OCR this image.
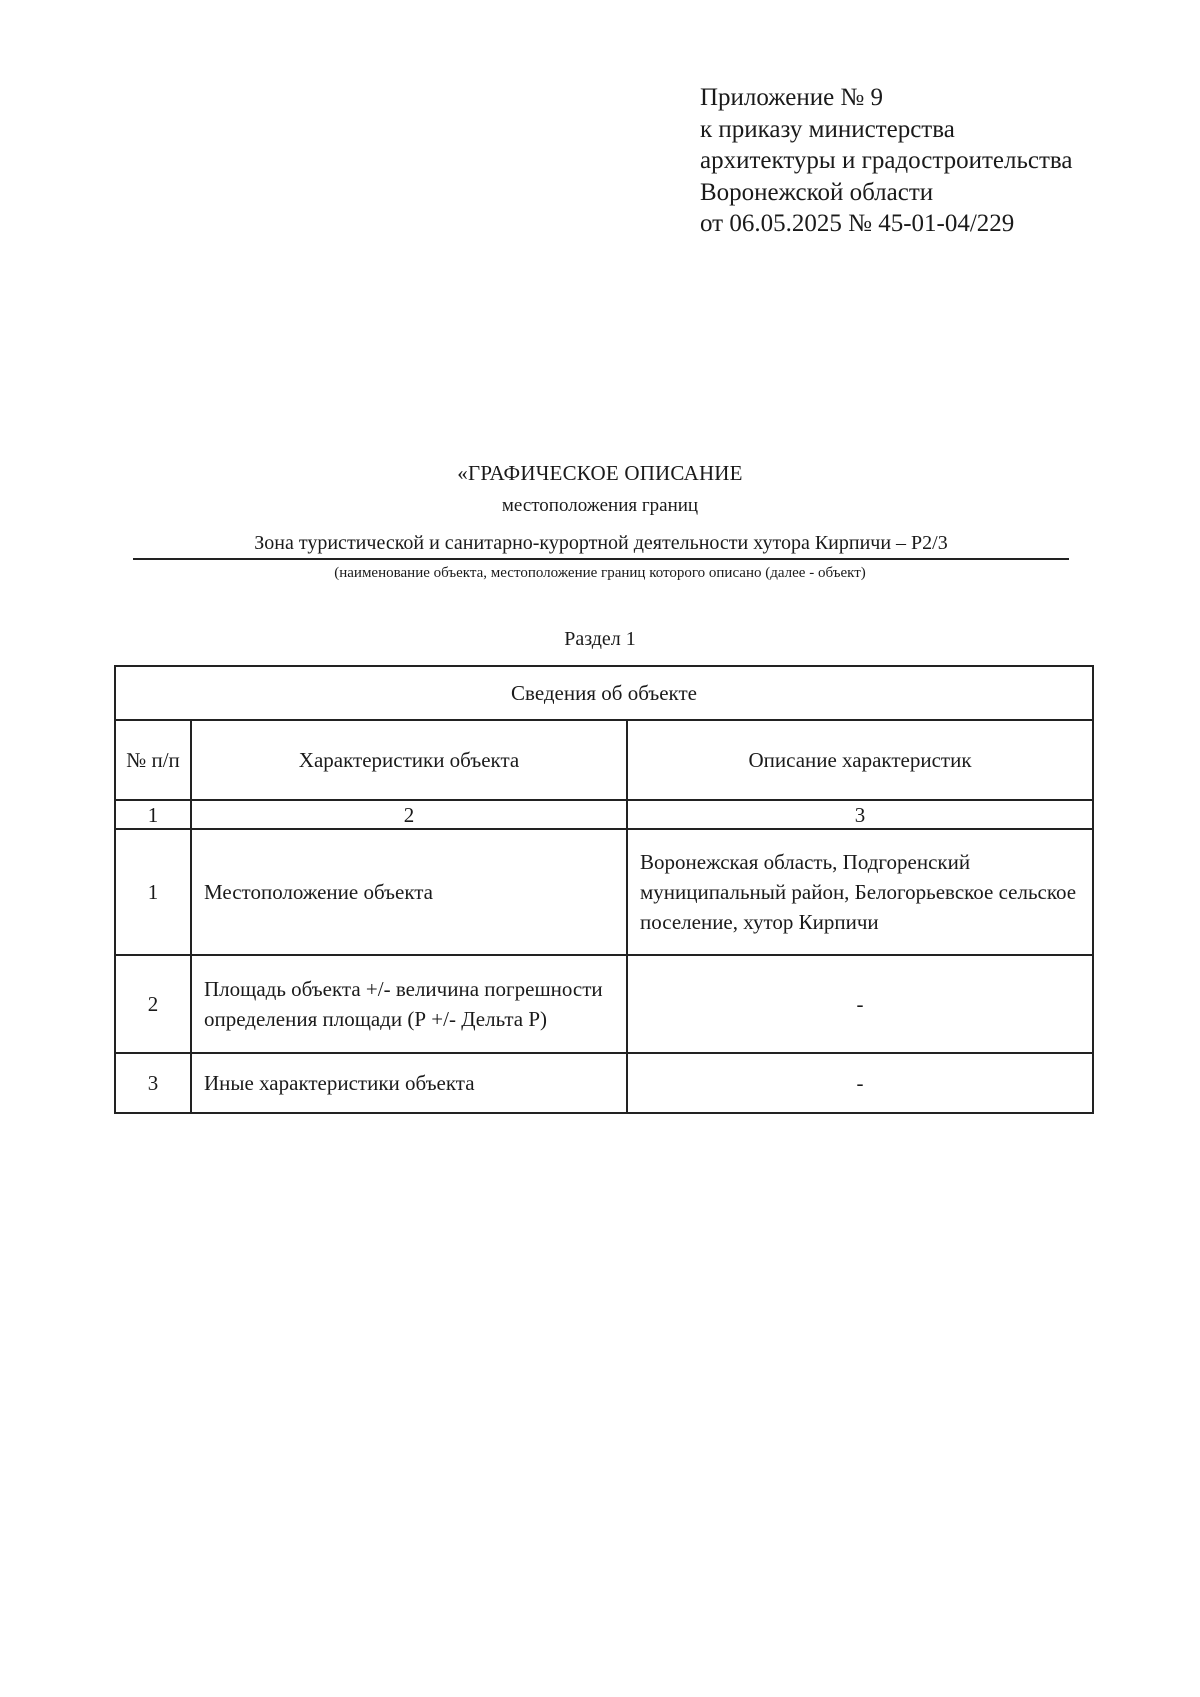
Приложение № 9
к приказу министерства
архитектуры и градостроительства
Воронежской области
от 06.05.2025 № 45-01-04/229
«ГРАФИЧЕСКОЕ ОПИСАНИЕ
местоположения границ
Зона туристической и санитарно-курортной деятельности хутора Кирпичи – Р2/3
(наименование объекта, местоположение границ которого описано (далее - объект)
Раздел 1
Сведения об объекте		
№ п/п	Характеристики объекта	Описание характеристик
1	2	3
1	Местоположение объекта	Воронежская область, Подгоренский муниципальный район, Белогорьевское сельское поселение, хутор Кирпичи
2	Площадь объекта +/- величина погрешности определения площади (Р +/- Дельта Р)	-
3	Иные характеристики объекта	-
